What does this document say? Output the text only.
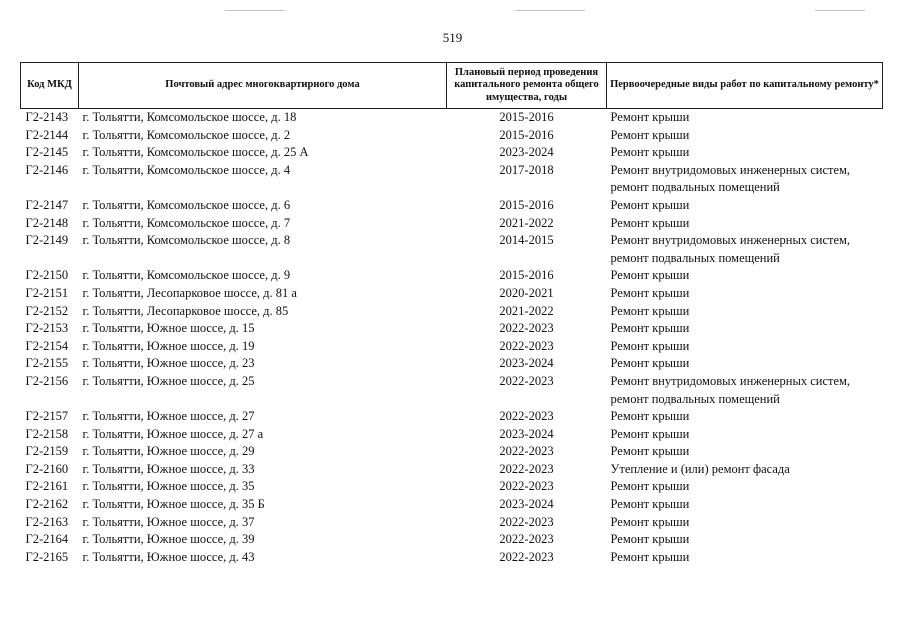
519
Код МКД	Почтовый адрес многоквартирного дома	Плановый период проведения капитального ремонта общего имущества, годы	Первоочередные виды работ по капитальному ремонту*
Г2-2143	г. Тольятти, Комсомольское шоссе, д. 18	2015-2016	Ремонт крыши
Г2-2144	г. Тольятти, Комсомольское шоссе, д. 2	2015-2016	Ремонт крыши
Г2-2145	г. Тольятти, Комсомольское шоссе, д. 25 А	2023-2024	Ремонт крыши
Г2-2146	г. Тольятти, Комсомольское шоссе, д. 4	2017-2018	Ремонт внутридомовых инженерных систем, ремонт подвальных помещений
Г2-2147	г. Тольятти, Комсомольское шоссе, д. 6	2015-2016	Ремонт крыши
Г2-2148	г. Тольятти, Комсомольское шоссе, д. 7	2021-2022	Ремонт крыши
Г2-2149	г. Тольятти, Комсомольское шоссе, д. 8	2014-2015	Ремонт внутридомовых инженерных систем, ремонт подвальных помещений
Г2-2150	г. Тольятти, Комсомольское шоссе, д. 9	2015-2016	Ремонт крыши
Г2-2151	г. Тольятти, Лесопарковое шоссе, д. 81 а	2020-2021	Ремонт крыши
Г2-2152	г. Тольятти, Лесопарковое шоссе, д. 85	2021-2022	Ремонт крыши
Г2-2153	г. Тольятти, Южное шоссе, д. 15	2022-2023	Ремонт крыши
Г2-2154	г. Тольятти, Южное шоссе, д. 19	2022-2023	Ремонт крыши
Г2-2155	г. Тольятти, Южное шоссе, д. 23	2023-2024	Ремонт крыши
Г2-2156	г. Тольятти, Южное шоссе, д. 25	2022-2023	Ремонт внутридомовых инженерных систем, ремонт подвальных помещений
Г2-2157	г. Тольятти, Южное шоссе, д. 27	2022-2023	Ремонт крыши
Г2-2158	г. Тольятти, Южное шоссе, д. 27 а	2023-2024	Ремонт крыши
Г2-2159	г. Тольятти, Южное шоссе, д. 29	2022-2023	Ремонт крыши
Г2-2160	г. Тольятти, Южное шоссе, д. 33	2022-2023	Утепление и (или) ремонт фасада
Г2-2161	г. Тольятти, Южное шоссе, д. 35	2022-2023	Ремонт крыши
Г2-2162	г. Тольятти, Южное шоссе, д. 35 Б	2023-2024	Ремонт крыши
Г2-2163	г. Тольятти, Южное шоссе, д. 37	2022-2023	Ремонт крыши
Г2-2164	г. Тольятти, Южное шоссе, д. 39	2022-2023	Ремонт крыши
Г2-2165	г. Тольятти, Южное шоссе, д. 43	2022-2023	Ремонт крыши
